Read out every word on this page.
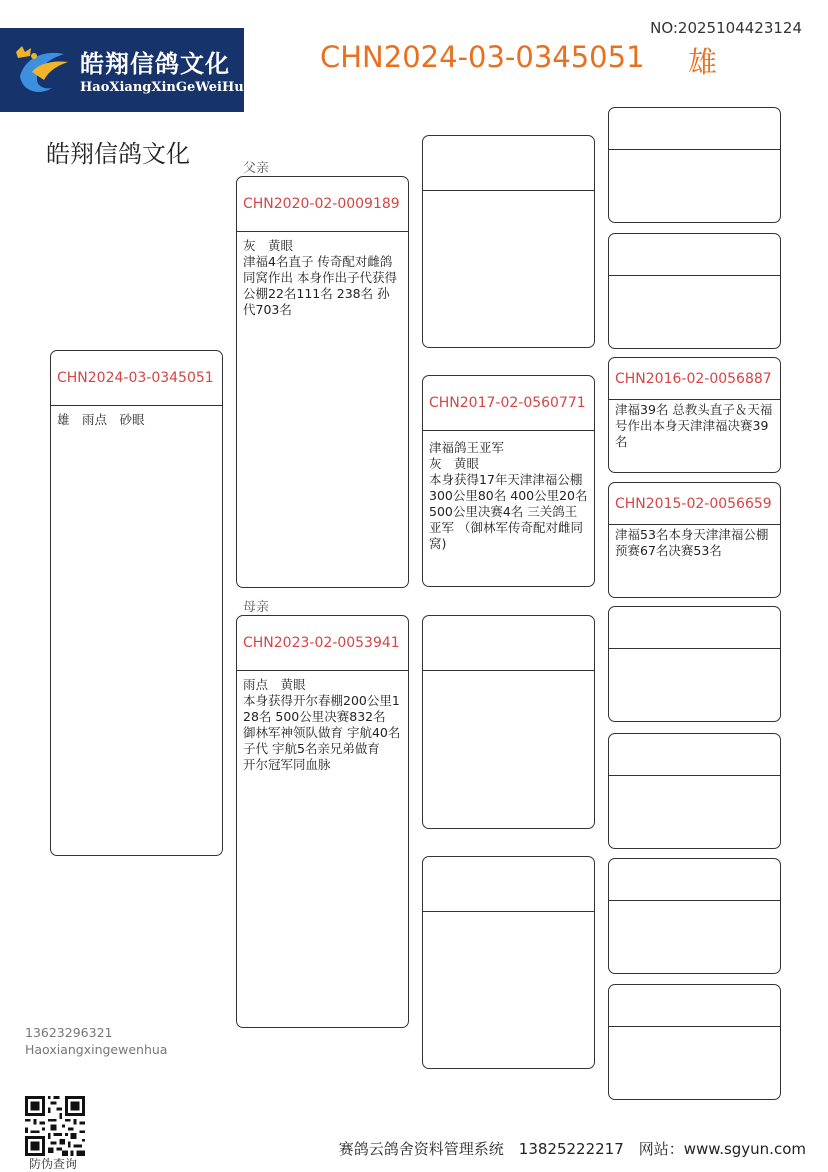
皓翔信鸽文化
HaoXiangXinGeWeiHua
NO:2025104423124
CHN2024-03-0345051 雄
皓翔信鸽文化
CHN2024-03-0345051
雄　雨点　砂眼
父亲
CHN2020-02-0009189
灰　黄眼
津福4名直子 传奇配对雌鸽同窝作出 本身作出子代获得公棚22名111名 238名 孙代703名
母亲
CHN2023-02-0053941
雨点　黄眼
本身获得开尔春棚200公里128名 500公里决赛832名　御林军神领队做育 宇航40名子代 宇航5名亲兄弟做育　开尔冠军同血脉
CHN2017-02-0560771
津福鸽王亚军
灰　黄眼
本身获得17年天津津福公棚300公里80名 400公里20名 500公里决赛4名 三关鸽王亚军 （御林军传奇配对雌同窝)
CHN2016-02-0056887
津福39名 总教头直子＆天福号作出本身天津津福决赛39名
CHN2015-02-0056659
津福53名本身天津津福公棚预赛67名决赛53名
13623296321
Haoxiangxingewenhua
防伪查询
赛鸽云鸽舍资料管理系统　13825222217　网站：www.sgyun.com
